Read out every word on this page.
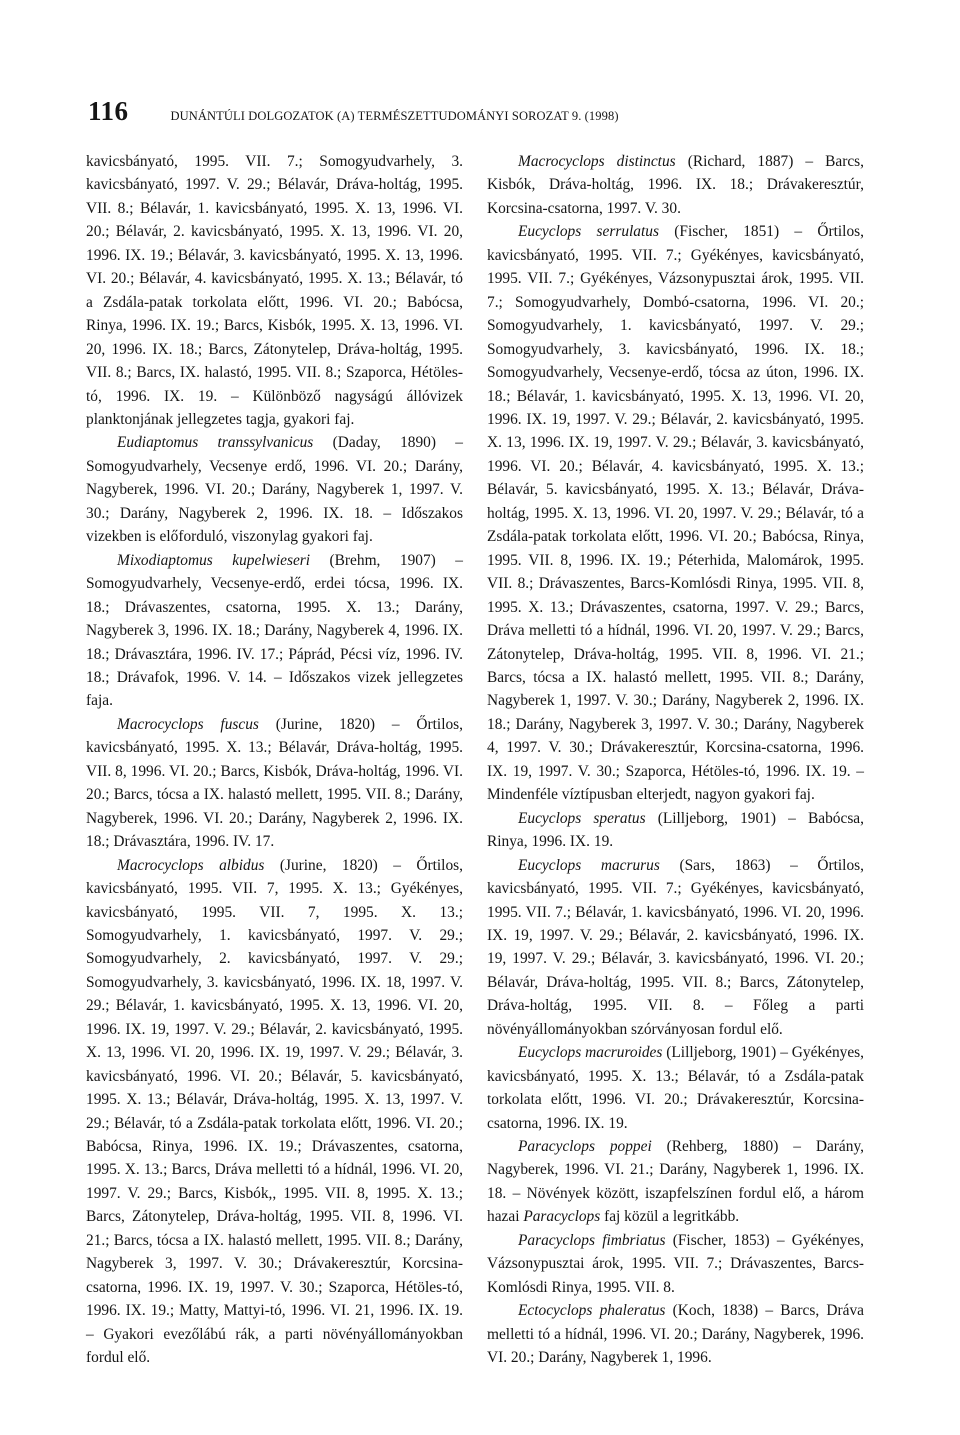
116	DUNÁNTÚLI DOLGOZATOK (A) TERMÉSZETTUDOMÁNYI SOROZAT 9. (1998)

kavicsbányató, 1995. VII. 7.; Somogyudvarhely, 3. kavicsbányató, 1997. V. 29.; Bélavár, Dráva-holtág, 1995. VII. 8.; Bélavár, 1. kavicsbányató, 1995. X. 13, 1996. VI. 20.; Bélavár, 2. kavicsbányató, 1995. X. 13, 1996. VI. 20, 1996. IX. 19.; Bélavár, 3. kavicsbányató, 1995. X. 13, 1996. VI. 20.; Bélavár, 4. kavicsbányató, 1995. X. 13.; Bélavár, tó a Zsdála-patak torkolata előtt, 1996. VI. 20.; Babócsa, Rinya, 1996. IX. 19.; Barcs, Kisbók, 1995. X. 13, 1996. VI. 20, 1996. IX. 18.; Barcs, Zátonytelep, Dráva-holtág, 1995. VII. 8.; Barcs, IX. halastó, 1995. VII. 8.; Szaporca, Hétöles-tó, 1996. IX. 19. – Különböző nagyságú állóvizek planktonjának jellegzetes tagja, gyakori faj.

Eudiaptomus transsylvanicus (Daday, 1890) – Somogyudvarhely, Vecsenye erdő, 1996. VI. 20.; Darány, Nagyberek, 1996. VI. 20.; Darány, Nagyberek 1, 1997. V. 30.; Darány, Nagyberek 2, 1996. IX. 18. – Időszakos vizekben is előforduló, viszonylag gyakori faj.

Mixodiaptomus kupelwieseri (Brehm, 1907) – Somogyudvarhely, Vecsenye-erdő, erdei tócsa, 1996. IX. 18.; Drávaszentes, csatorna, 1995. X. 13.; Darány, Nagyberek 3, 1996. IX. 18.; Darány, Nagyberek 4, 1996. IX. 18.; Drávasztára, 1996. IV. 17.; Páprád, Pécsi víz, 1996. IV. 18.; Drávafok, 1996. V. 14. – Időszakos vizek jellegzetes faja.

Macrocyclops fuscus (Jurine, 1820) – Őrtilos, kavicsbányató, 1995. X. 13.; Bélavár, Dráva-holtág, 1995. VII. 8, 1996. VI. 20.; Barcs, Kisbók, Dráva-holtág, 1996. VI. 20.; Barcs, tócsa a IX. halastó mellett, 1995. VII. 8.; Darány, Nagyberek, 1996. VI. 20.; Darány, Nagyberek 2, 1996. IX. 18.; Drávasztára, 1996. IV. 17.

Macrocyclops albidus (Jurine, 1820) – Őrtilos, kavicsbányató, 1995. VII. 7, 1995. X. 13.; Gyékényes, kavicsbányató, 1995. VII. 7, 1995. X. 13.; Somogyudvarhely, 1. kavicsbányató, 1997. V. 29.; Somogyudvarhely, 2. kavicsbányató, 1997. V. 29.; Somogyudvarhely, 3. kavicsbányató, 1996. IX. 18, 1997. V. 29.; Bélavár, 1. kavicsbányató, 1995. X. 13, 1996. VI. 20, 1996. IX. 19, 1997. V. 29.; Bélavár, 2. kavicsbányató, 1995. X. 13, 1996. VI. 20, 1996. IX. 19, 1997. V. 29.; Bélavár, 3. kavicsbányató, 1996. VI. 20.; Bélavár, 5. kavicsbányató, 1995. X. 13.; Bélavár, Dráva-holtág, 1995. X. 13, 1997. V. 29.; Bélavár, tó a Zsdála-patak torkolata előtt, 1996. VI. 20.; Babócsa, Rinya, 1996. IX. 19.; Drávaszentes, csatorna, 1995. X. 13.; Barcs, Dráva melletti tó a hídnál, 1996. VI. 20, 1997. V. 29.; Barcs, Kisbók,, 1995. VII. 8, 1995. X. 13.; Barcs, Zátonytelep, Dráva-holtág, 1995. VII. 8, 1996. VI. 21.; Barcs, tócsa a IX. halastó mellett, 1995. VII. 8.; Darány, Nagyberek 3, 1997. V. 30.; Drávakeresztúr, Korcsina-csatorna, 1996. IX. 19, 1997. V. 30.; Szaporca, Hétöles-tó, 1996. IX. 19.; Matty, Mattyi-tó, 1996. VI. 21, 1996. IX. 19. – Gyakori evezőlábú rák, a parti növényállományokban fordul elő.

Macrocyclops distinctus (Richard, 1887) – Barcs, Kisbók, Dráva-holtág, 1996. IX. 18.; Drávakeresztúr, Korcsina-csatorna, 1997. V. 30.

Eucyclops serrulatus (Fischer, 1851) – Őrtilos, kavicsbányató, 1995. VII. 7.; Gyékényes, kavicsbányató, 1995. VII. 7.; Gyékényes, Vázsonypusztai árok, 1995. VII. 7.; Somogyudvarhely, Dombó-csatorna, 1996. VI. 20.; Somogyudvarhely, 1. kavicsbányató, 1997. V. 29.; Somogyudvarhely, 3. kavicsbányató, 1996. IX. 18.; Somogyudvarhely, Vecsenye-erdő, tócsa az úton, 1996. IX. 18.; Bélavár, 1. kavicsbányató, 1995. X. 13, 1996. VI. 20, 1996. IX. 19, 1997. V. 29.; Bélavár, 2. kavicsbányató, 1995. X. 13, 1996. IX. 19, 1997. V. 29.; Bélavár, 3. kavicsbányató, 1996. VI. 20.; Bélavár, 4. kavicsbányató, 1995. X. 13.; Bélavár, 5. kavicsbányató, 1995. X. 13.; Bélavár, Dráva-holtág, 1995. X. 13, 1996. VI. 20, 1997. V. 29.; Bélavár, tó a Zsdála-patak torkolata előtt, 1996. VI. 20.; Babócsa, Rinya, 1995. VII. 8, 1996. IX. 19.; Péterhida, Malomárok, 1995. VII. 8.; Drávaszentes, Barcs-Komlósdi Rinya, 1995. VII. 8, 1995. X. 13.; Drávaszentes, csatorna, 1997. V. 29.; Barcs, Dráva melletti tó a hídnál, 1996. VI. 20, 1997. V. 29.; Barcs, Zátonytelep, Dráva-holtág, 1995. VII. 8, 1996. VI. 21.; Barcs, tócsa a IX. halastó mellett, 1995. VII. 8.; Darány, Nagyberek 1, 1997. V. 30.; Darány, Nagyberek 2, 1996. IX. 18.; Darány, Nagyberek 3, 1997. V. 30.; Darány, Nagyberek 4, 1997. V. 30.; Drávakeresztúr, Korcsina-csatorna, 1996. IX. 19, 1997. V. 30.; Szaporca, Hétöles-tó, 1996. IX. 19. – Mindenféle víztípusban elterjedt, nagyon gyakori faj.

Eucyclops speratus (Lilljeborg, 1901) – Babócsa, Rinya, 1996. IX. 19.

Eucyclops macrurus (Sars, 1863) – Őrtilos, kavicsbányató, 1995. VII. 7.; Gyékényes, kavicsbányató, 1995. VII. 7.; Bélavár, 1. kavicsbányató, 1996. VI. 20, 1996. IX. 19, 1997. V. 29.; Bélavár, 2. kavicsbányató, 1996. IX. 19, 1997. V. 29.; Bélavár, 3. kavicsbányató, 1996. VI. 20.; Bélavár, Dráva-holtág, 1995. VII. 8.; Barcs, Zátonytelep, Dráva-holtág, 1995. VII. 8. – Főleg a parti növényállományokban szórványosan fordul elő.

Eucyclops macruroides (Lilljeborg, 1901) – Gyékényes, kavicsbányató, 1995. X. 13.; Bélavár, tó a Zsdála-patak torkolata előtt, 1996. VI. 20.; Drávakeresztúr, Korcsina-csatorna, 1996. IX. 19.

Paracyclops poppei (Rehberg, 1880) – Darány, Nagyberek, 1996. VI. 21.; Darány, Nagyberek 1, 1996. IX. 18. – Növények között, iszapfelszínen fordul elő, a három hazai Paracyclops faj közül a legritkább.

Paracyclops fimbriatus (Fischer, 1853) – Gyékényes, Vázsonypusztai árok, 1995. VII. 7.; Drávaszentes, Barcs-Komlósdi Rinya, 1995. VII. 8.

Ectocyclops phaleratus (Koch, 1838) – Barcs, Dráva melletti tó a hídnál, 1996. VI. 20.; Darány, Nagyberek, 1996. VI. 20.; Darány, Nagyberek 1, 1996.
